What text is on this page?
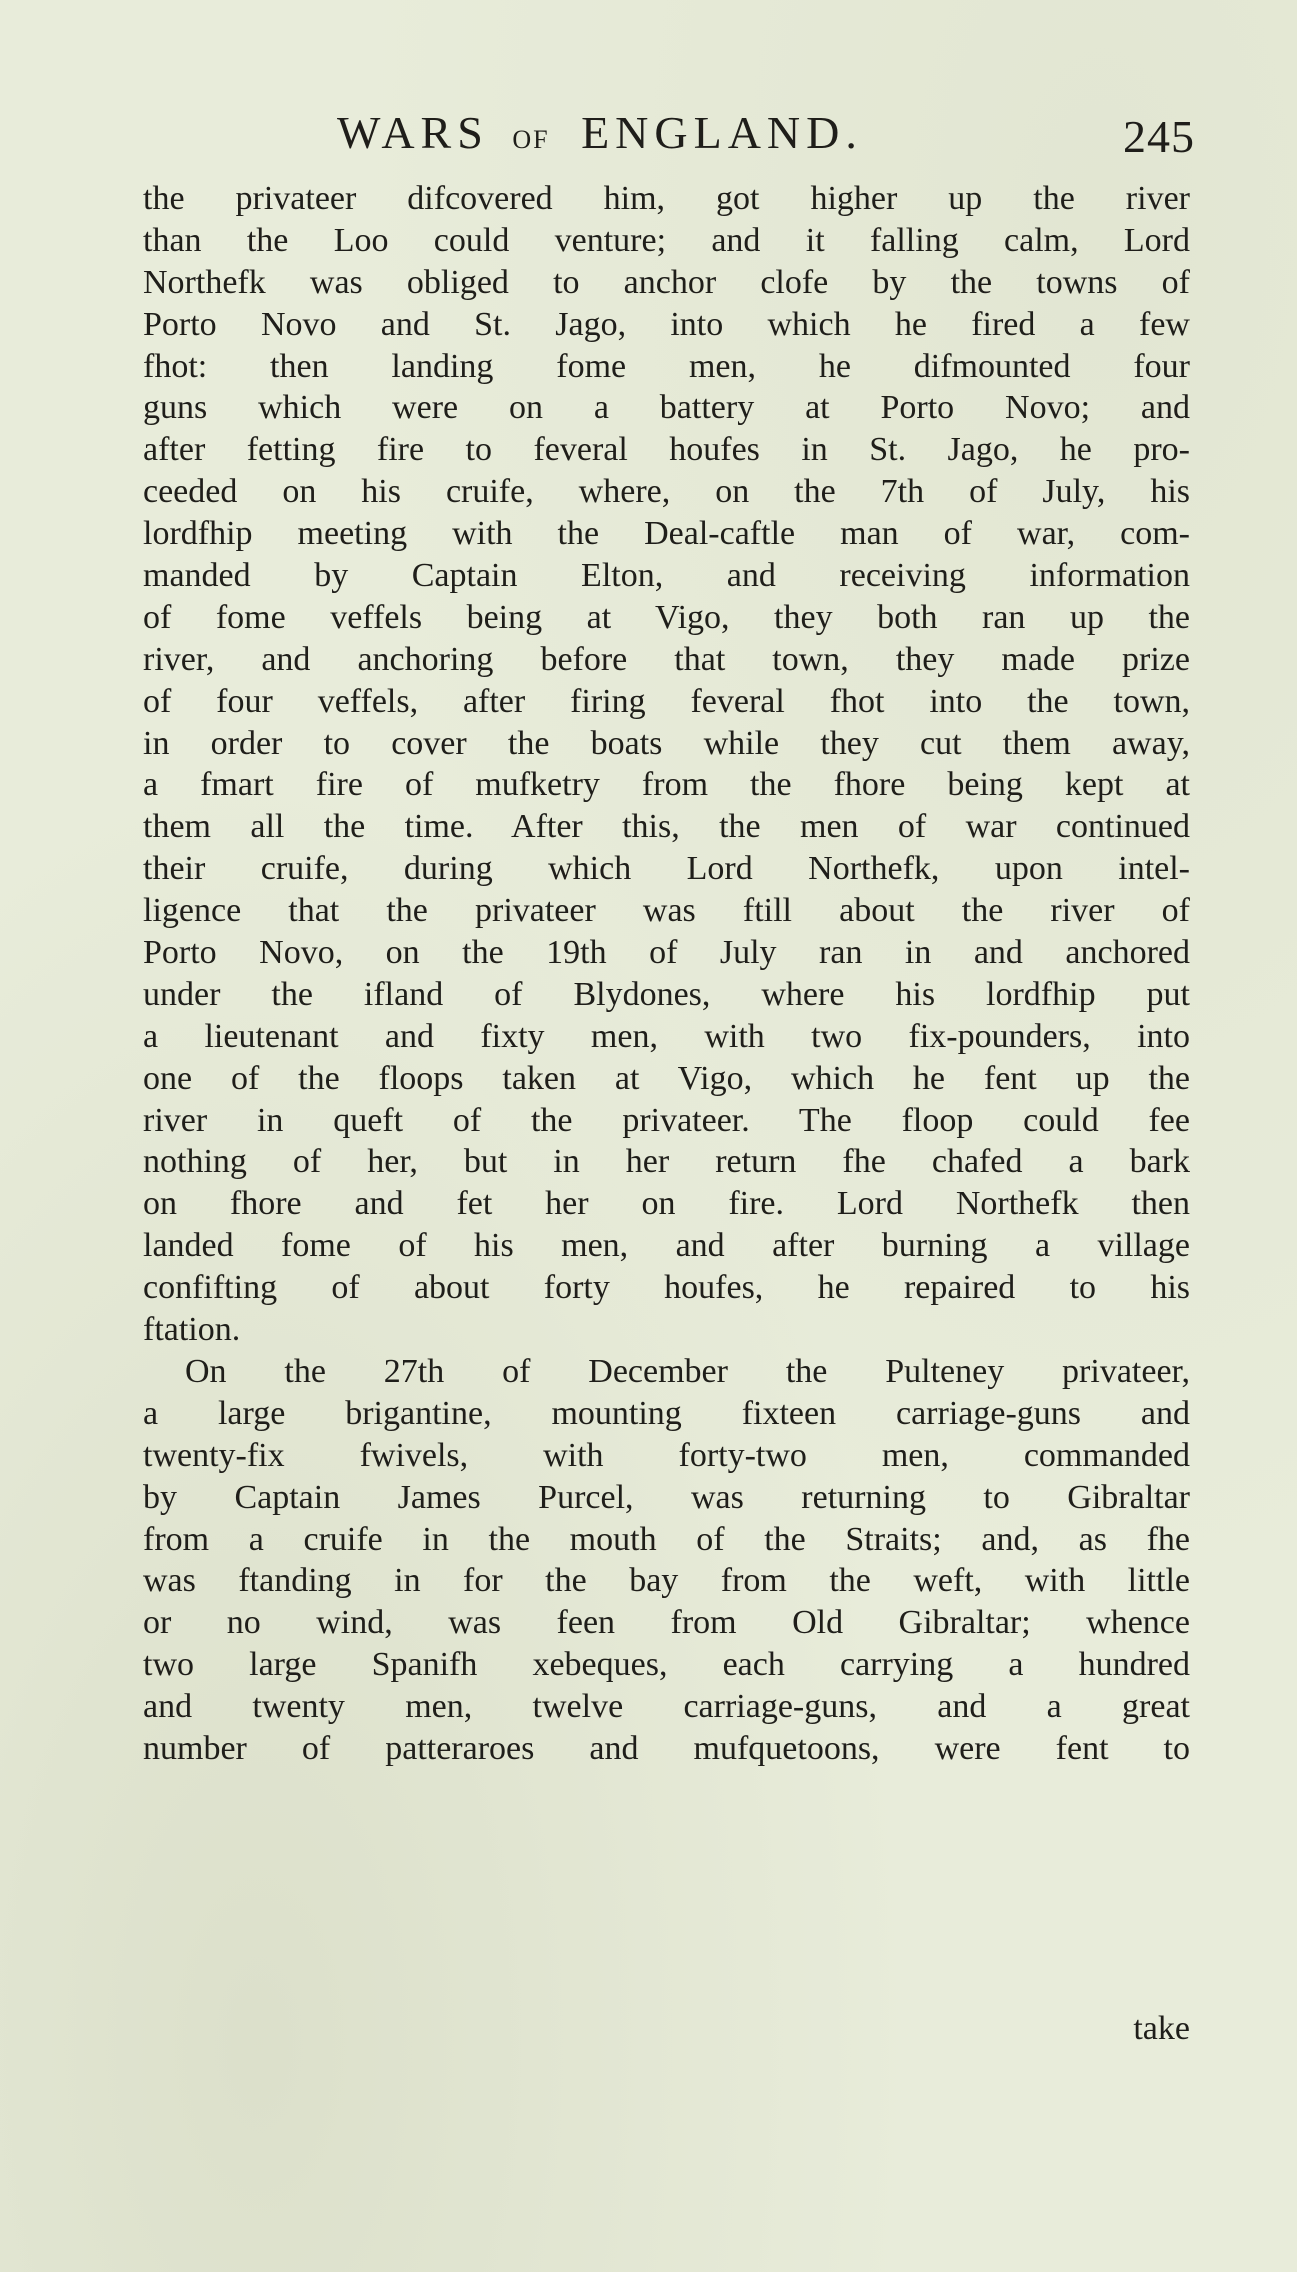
WARS OF ENGLAND.	245
the privateer difcovered him, got higher up the river
than the Loo could venture; and it falling calm, Lord
Northefk was obliged to anchor clofe by the towns of
Porto Novo and St. Jago, into which he fired a few
fhot: then landing fome men, he difmounted four
guns which were on a battery at Porto Novo; and
after fetting fire to feveral houfes in St. Jago, he pro-
ceeded on his cruife, where, on the 7th of July, his
lordfhip meeting with the Deal-caftle man of war, com-
manded by Captain Elton, and receiving information
of fome veffels being at Vigo, they both ran up the
river, and anchoring before that town, they made prize
of four veffels, after firing feveral fhot into the town,
in order to cover the boats while they cut them away,
a fmart fire of mufketry from the fhore being kept at
them all the time. After this, the men of war continued
their cruife, during which Lord Northefk, upon intel-
ligence that the privateer was ftill about the river of
Porto Novo, on the 19th of July ran in and anchored
under the ifland of Blydones, where his lordfhip put
a lieutenant and fixty men, with two fix-pounders, into
one of the floops taken at Vigo, which he fent up the
river in queft of the privateer. The floop could fee
nothing of her, but in her return fhe chafed a bark
on fhore and fet her on fire. Lord Northefk then
landed fome of his men, and after burning a village
confifting of about forty houfes, he repaired to his
ftation.
On the 27th of December the Pulteney privateer,
a large brigantine, mounting fixteen carriage-guns and
twenty-fix fwivels, with forty-two men, commanded
by Captain James Purcel, was returning to Gibraltar
from a cruife in the mouth of the Straits; and, as fhe
was ftanding in for the bay from the weft, with little
or no wind, was feen from Old Gibraltar; whence
two large Spanifh xebeques, each carrying a hundred
and twenty men, twelve carriage-guns, and a great
number of patteraroes and mufquetoons, were fent to
take
